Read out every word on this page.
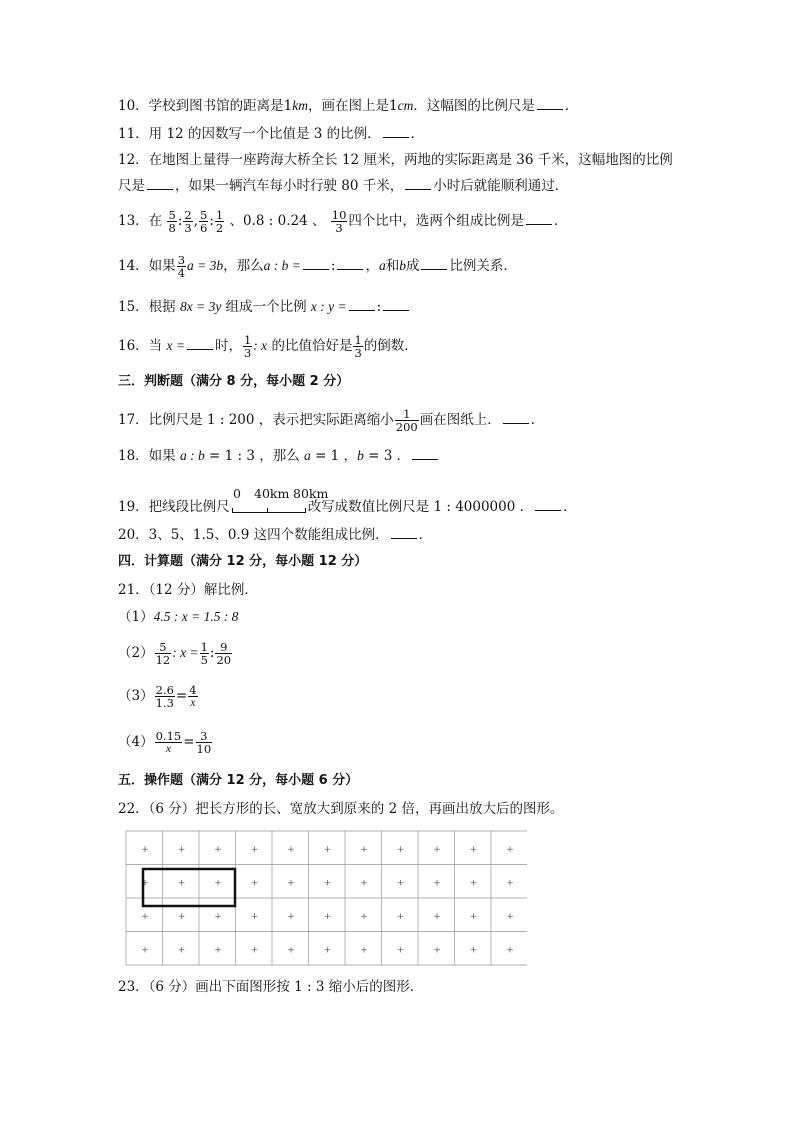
10．学校到图书馆的距离是1km，画在图上是1cm．这幅图的比例尺是 ．
11．用 12 的因数写一个比值是 3 的比例． ．
12．在地图上量得一座跨海大桥全长 12 厘米，两地的实际距离是 36 千米，这幅地图的比例
尺是 ，如果一辆汽车每小时行驶 80 千米， 小时后就能顺利通过．
13．在 $\frac{5}{8}$ : $\frac{2}{3}$ , $\frac{5}{6}$ : $\frac{1}{2}$ 、0.8 : 0.24 、 $\frac{10}{3}$ 四个比中，选两个组成比例是 ．
14．如果 $\frac{3}{4}$ a = 3b，那么a : b = : ，a和b成 比例关系．
15．根据 8x = 3y 组成一个比例 x : y = :
16．当 x = 时， $\frac{1}{3}$ : x 的比值恰好是 $\frac{1}{3}$ 的倒数．
三．判断题（满分 8 分，每小题 2 分）
17．比例尺是 1 : 200 ，表示把实际距离缩小 $\frac{1}{200}$ 画在图纸上． ．
18．如果 a : b = 1 : 3 ，那么 a = 1 ，b = 3 ．
0 40km 80km
19．把线段比例尺	改写成数值比例尺是 1 : 4000000 ． ．
20．3、5、1.5、0.9 这四个数能组成比例． ．
四．计算题（满分 12 分，每小题 12 分）
21．（12 分）解比例．
（1）4.5 : x = 1.5 : 8
$(2) \frac{5}{12}$ : $x = \frac{1}{5}$ : $\frac{9}{20}$
$(3) \frac{2.6}{1.3} = \frac{4}{x}$
$(4) \frac{0.15}{x} = \frac{3}{10}$
五．操作题（满分 12 分，每小题 6 分）
22．（6 分）把长方形的长、宽放大到原来的 2 倍，再画出放大后的图形。
+	+	+	+	+	+	+	+	+	+	+
+	+	+	+	+	+	+	+	+	+	+
+	+	+	+	+	+	+	+	+	+	+
+	+	+	+	+	+	+	+	+	+	+
23．（6 分）画出下面图形按 1 : 3 缩小后的图形．
